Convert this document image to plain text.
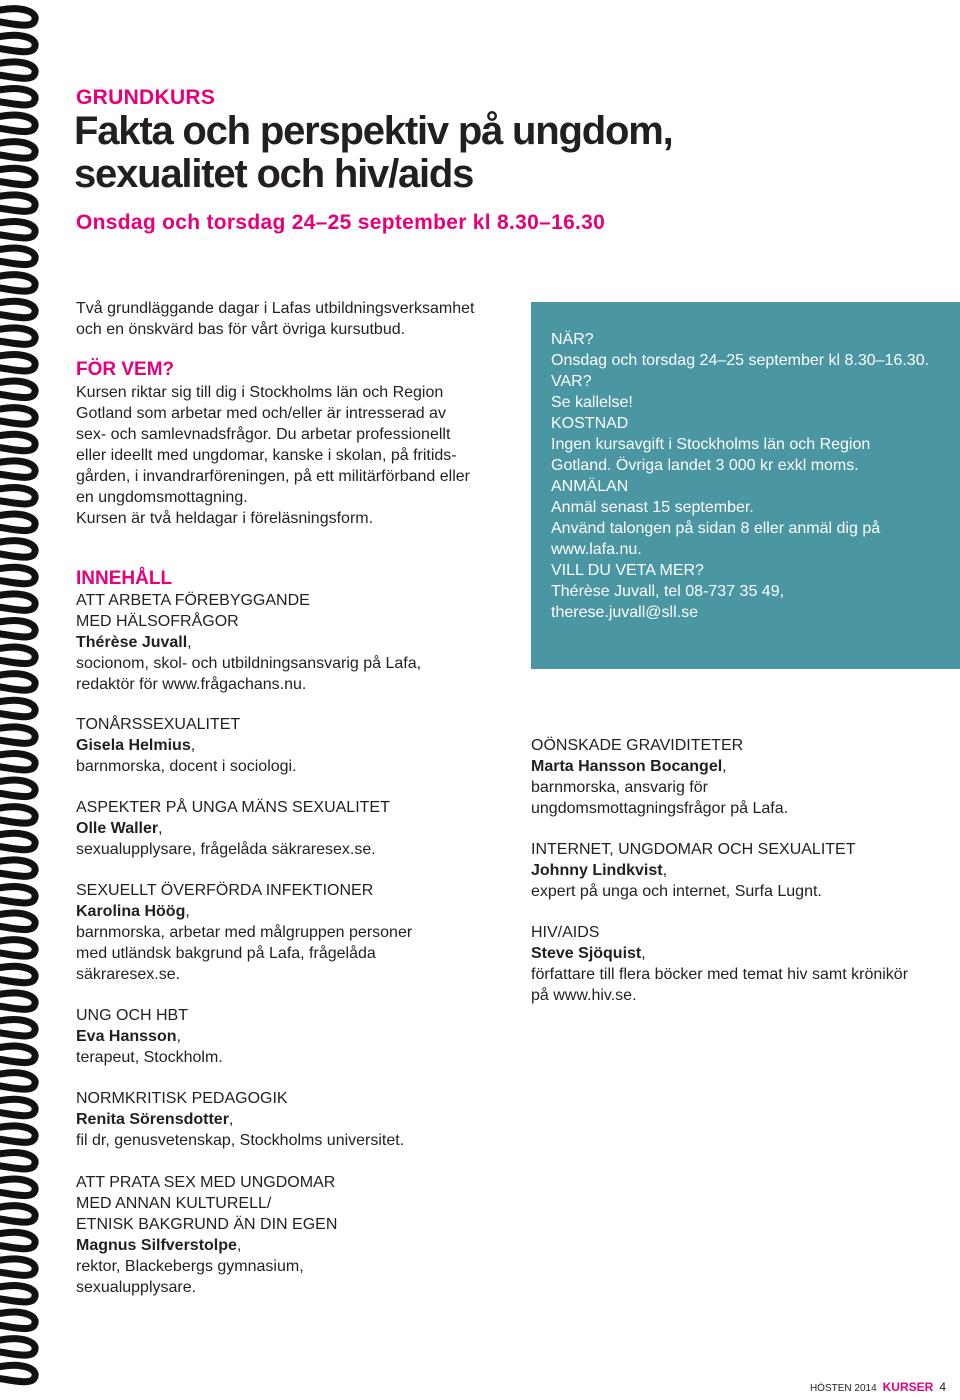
GRUNDKURS
Fakta och perspektiv på ungdom,
sexualitet och hiv/aids
Onsdag och torsdag 24–25 september kl 8.30–16.30

Två grundläggande dagar i Lafas utbildningsverksamhet

och en önskvärd bas för vårt övriga kursutbud.

FÖR VEM?

Kursen riktar sig till dig i Stockholms län och Region

Gotland som arbetar med och/eller är intresserad av

sex- och samlevnadsfrågor. Du arbetar professionellt

eller ideellt med ungdomar, kanske i skolan, på fritids-

gården, i invandrarföreningen, på ett militärförband eller

en ungdomsmottagning.

Kursen är två heldagar i föreläsningsform.

INNEHÅLL

ATT ARBETA FÖREBYGGANDE
MED HÄLSOFRÅGOR
Thérèse Juvall,
socionom, skol- och utbildningsansvarig på Lafa,
redaktör för www.frågachans.nu.
TONÅRSSEXUALITET
Gisela Helmius,
barnmorska, docent i sociologi.
ASPEKTER PÅ UNGA MÄNS SEXUALITET
Olle Waller,
sexualupplysare, frågelåda säkraresex.se.
SEXUELLT ÖVERFÖRDA INFEKTIONER
Karolina Höög,
barnmorska, arbetar med målgruppen personer
med utländsk bakgrund på Lafa, frågelåda
säkraresex.se.
UNG OCH HBT
Eva Hansson,
terapeut, Stockholm.
NORMKRITISK PEDAGOGIK
Renita Sörensdotter,
fil dr, genusvetenskap, Stockholms universitet.
ATT PRATA SEX MED UNGDOMAR
MED ANNAN KULTURELL/
ETNISK BAKGRUND ÄN DIN EGEN
Magnus Silfverstolpe,
rektor, Blackebergs gymnasium,
sexualupplysare.
OÖNSKADE GRAVIDITETER
Marta Hansson Bocangel,
barnmorska, ansvarig för
ungdomsmottagningsfrågor på Lafa.
INTERNET, UNGDOMAR OCH SEXUALITET
Johnny Lindkvist,
expert på unga och internet, Surfa Lugnt.
HIV/AIDS
Steve Sjöquist,
författare till flera böcker med temat hiv samt krönikör
på www.hiv.se.
NÄR?
Onsdag och torsdag 24–25 september kl 8.30–16.30.
VAR?
Se kallelse!
KOSTNAD
Ingen kursavgift i Stockholms län och Region
Gotland. Övriga landet 3 000 kr exkl moms.
ANMÄLAN
Anmäl senast 15 september.
Använd talongen på sidan 8 eller anmäl dig på
www.lafa.nu.
VILL DU VETA MER?
Thérèse Juvall, tel 08-737 35 49,
therese.juvall@sll.se
HÖSTEN 2014 KURSER 4
